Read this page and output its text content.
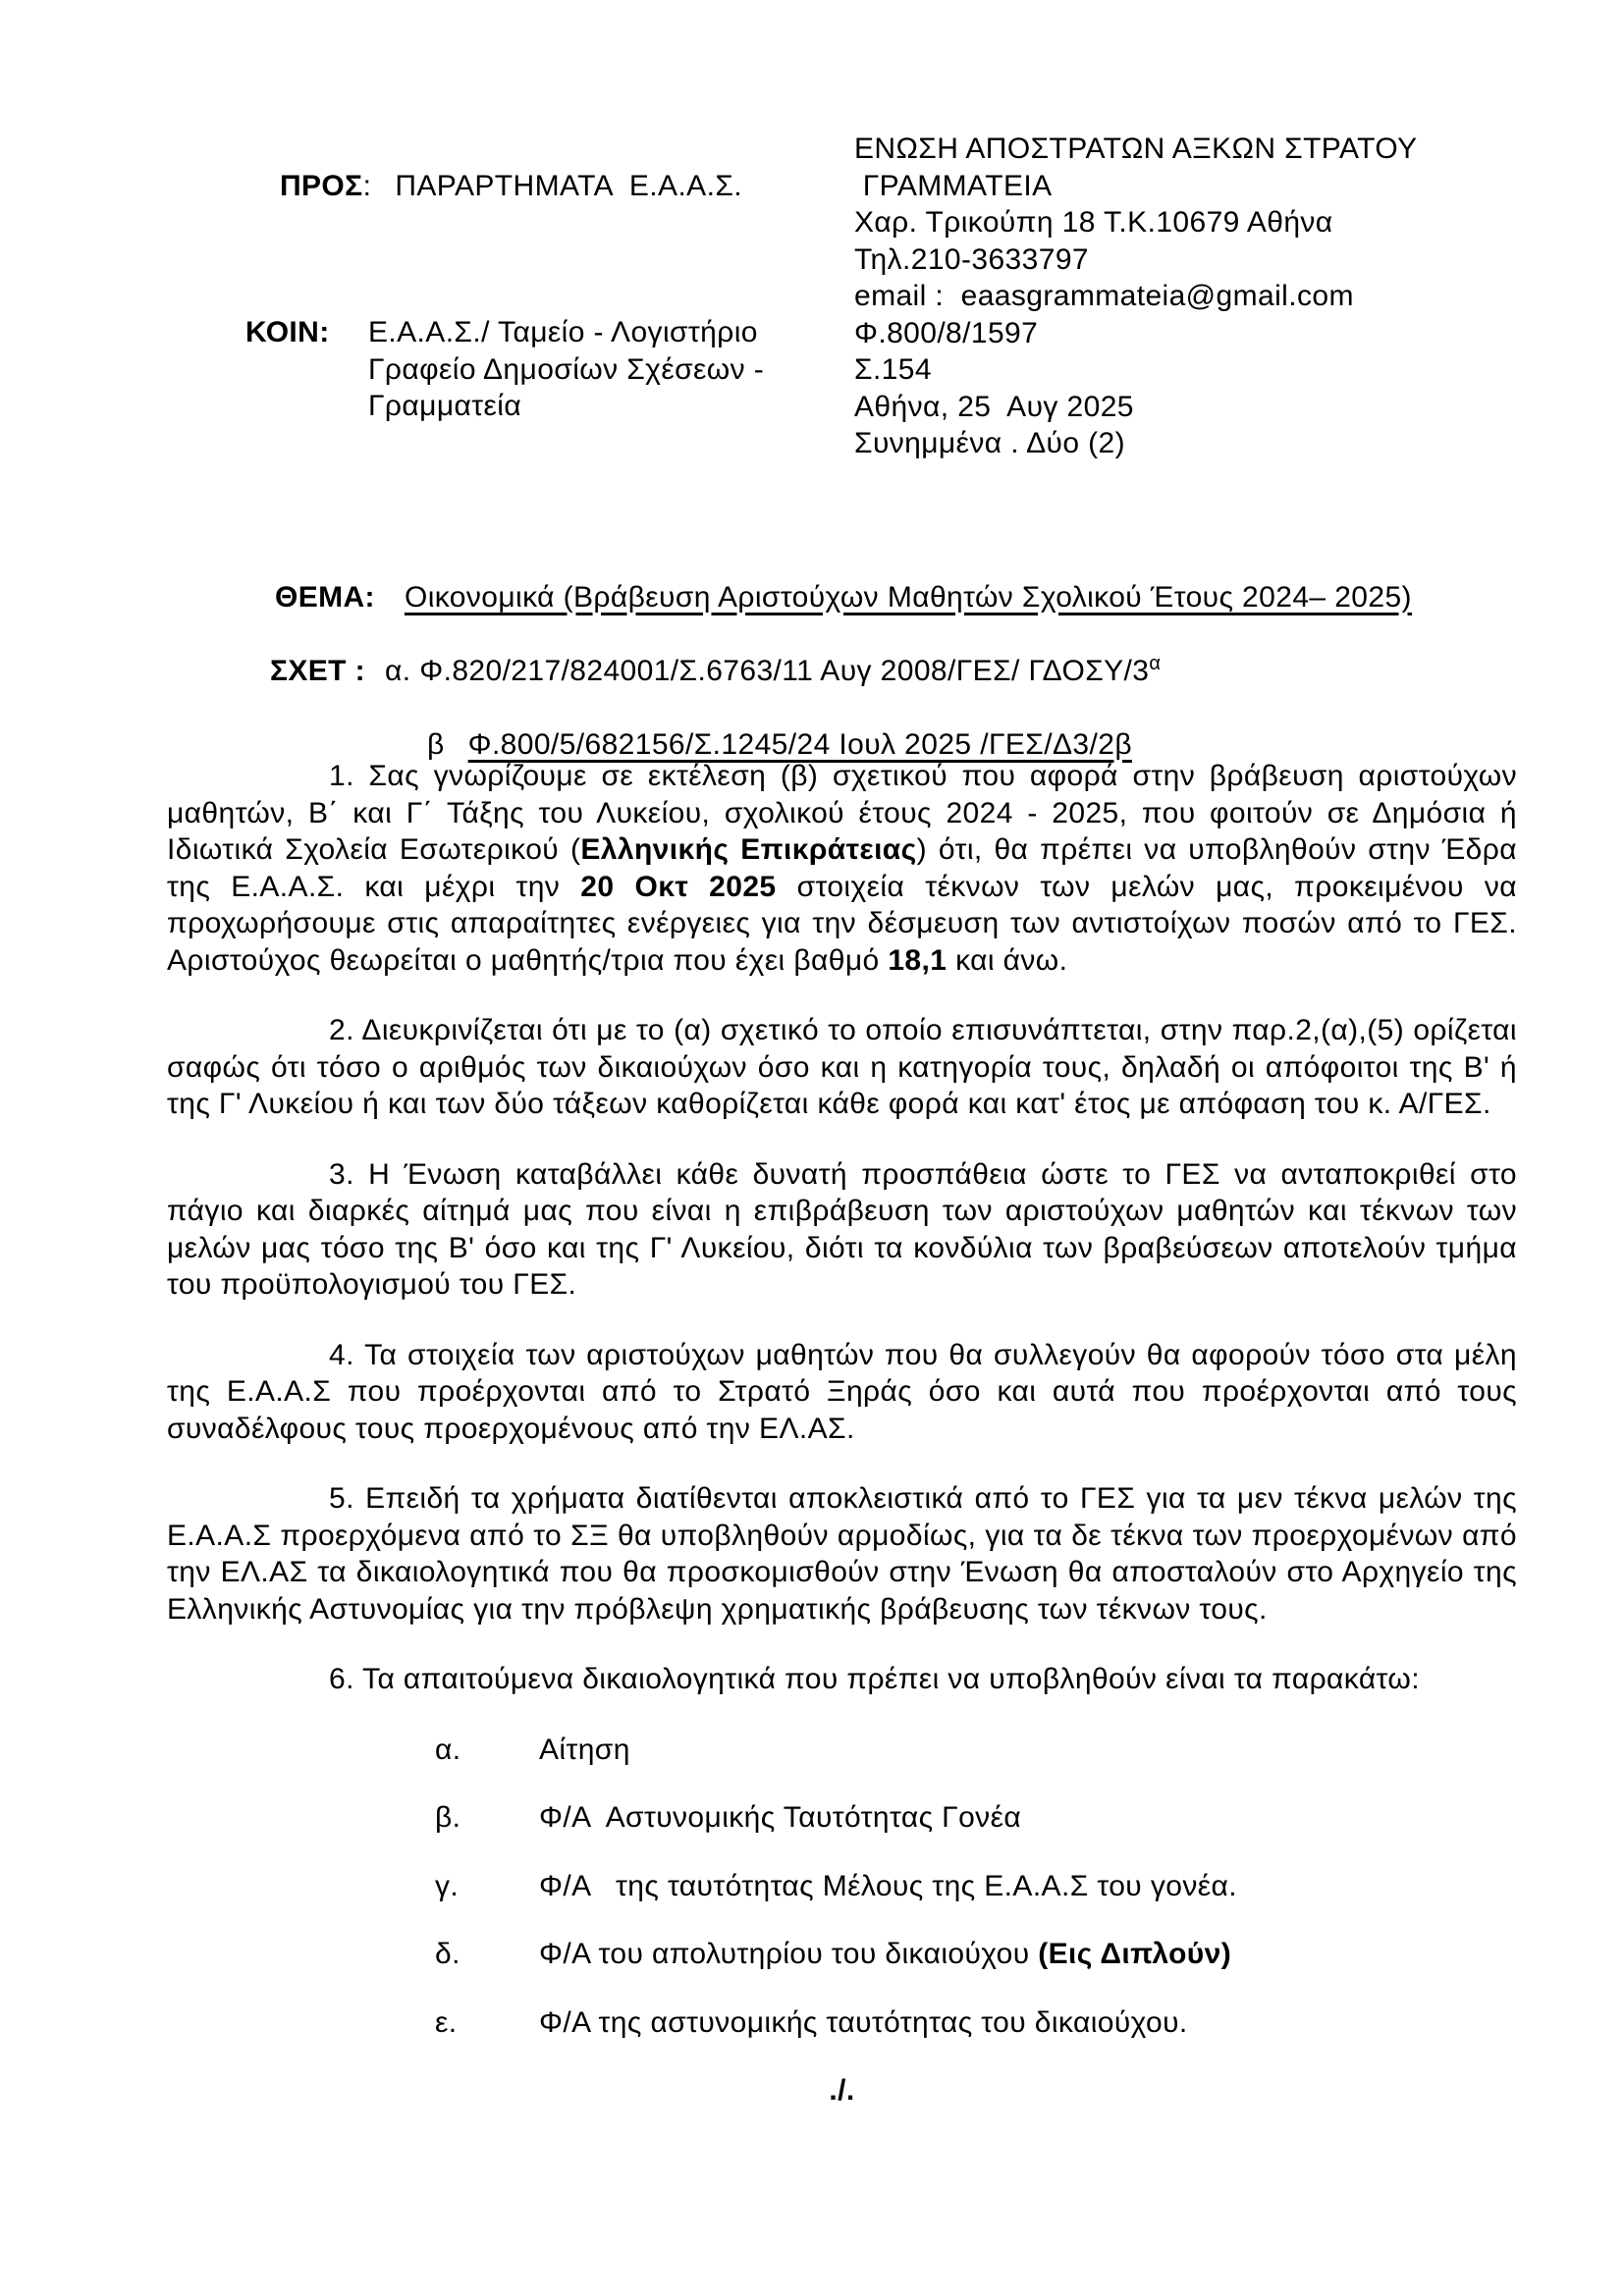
ΠΡΟΣ: ΠΑΡΑΡΤΗΜΑΤΑ  Ε.Α.Α.Σ.

ΚΟΙΝ:	Ε.Α.Α.Σ./ Ταμείο - Λογιστήριο
Γραφείο Δημοσίων Σχέσεων -
Γραμματεία
ΕΝΩΣΗ ΑΠΟΣΤΡΑΤΩΝ ΑΞΚΩΝ ΣΤΡΑΤΟΥ
ΓΡΑΜΜΑΤΕΙΑ
Χαρ. Τρικούπη 18 Τ.Κ.10679 Αθήνα
Τηλ.210-3633797
email :  eaasgrammateia@gmail.com
Φ.800/8/1597
Σ.154
Αθήνα, 25  Αυγ 2025
Συνημμένα . Δύο (2)

ΘΕΜΑ: Οικονομικά (Βράβευση Αριστούχων Μαθητών Σχολικού Έτους 2024– 2025)

ΣΧΕΤ : α. Φ.820/217/824001/Σ.6763/11 Αυγ 2008/ΓΕΣ/ ΓΔΟΣΥ/$3^\alpha$

β Φ.800/5/682156/Σ.1245/24 Ιουλ 2025 /ΓΕΣ/Δ3/2β

1. Σας γνωρίζουμε σε εκτέλεση (β) σχετικού που αφορά στην βράβευση αριστούχων μαθητών, Β΄ και Γ΄ Τάξης του Λυκείου, σχολικού έτους 2024 - 2025, που φοιτούν σε Δημόσια ή Ιδιωτικά Σχολεία Εσωτερικού (Ελληνικής Επικράτειας) ότι, θα πρέπει να υποβληθούν στην Έδρα της Ε.Α.Α.Σ. και μέχρι την 20 Οκτ 2025 στοιχεία τέκνων των μελών μας, προκειμένου να προχωρήσουμε στις απαραίτητες ενέργειες για την δέσμευση των αντιστοίχων ποσών από το ΓΕΣ. Αριστούχος θεωρείται ο μαθητής/τρια που έχει βαθμό 18,1 και άνω.

2. Διευκρινίζεται ότι με το (α) σχετικό το οποίο επισυνάπτεται, στην παρ.2,(α),(5) ορίζεται σαφώς ότι τόσο ο αριθμός των δικαιούχων όσο και η κατηγορία τους, δηλαδή οι απόφοιτοι της Β' ή της Γ' Λυκείου ή και των δύο τάξεων καθορίζεται κάθε φορά και κατ' έτος με απόφαση του κ. Α/ΓΕΣ.

3. Η Ένωση καταβάλλει κάθε δυνατή προσπάθεια ώστε το ΓΕΣ να ανταποκριθεί στο πάγιο και διαρκές αίτημά μας που είναι η επιβράβευση των αριστούχων μαθητών και τέκνων των μελών μας τόσο της Β' όσο και της Γ' Λυκείου, διότι τα κονδύλια των βραβεύσεων αποτελούν τμήμα του προϋπολογισμού του ΓΕΣ.

4. Τα στοιχεία των αριστούχων μαθητών που θα συλλεγούν θα αφορούν τόσο στα μέλη της Ε.Α.Α.Σ που προέρχονται από το Στρατό Ξηράς όσο και αυτά που προέρχονται από τους συναδέλφους τους προερχομένους από την ΕΛ.ΑΣ.

5. Επειδή τα χρήματα διατίθενται αποκλειστικά από το ΓΕΣ για τα μεν τέκνα μελών της Ε.Α.Α.Σ προερχόμενα από το ΣΞ θα υποβληθούν αρμοδίως, για τα δε τέκνα των προερχομένων από την ΕΛ.ΑΣ τα δικαιολογητικά που θα προσκομισθούν στην Ένωση θα αποσταλούν στο Αρχηγείο της Ελληνικής Αστυνομίας για την πρόβλεψη χρηματικής βράβευσης των τέκνων τους.

6. Τα απαιτούμενα δικαιολογητικά που πρέπει να υποβληθούν είναι τα παρακάτω:

α.	Αίτηση
β.	Φ/Α  Αστυνομικής Ταυτότητας Γονέα
γ.	Φ/Α   της ταυτότητας Μέλους της Ε.Α.Α.Σ του γονέα.
δ.	Φ/Α του απολυτηρίου του δικαιούχου (Εις Διπλούν)
ε.	Φ/Α της αστυνομικής ταυτότητας του δικαιούχου.
./.
